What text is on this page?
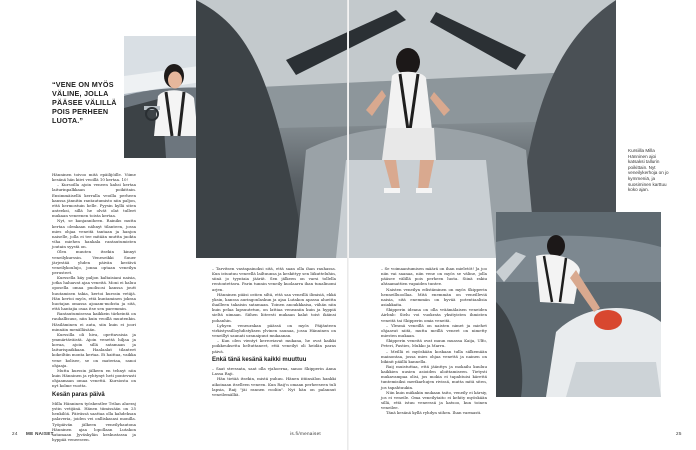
“VENE ON MYÖS VÄLINE, JOLLA PÄÄSEE VÄLILLÄ POIS PERHEEN LUOTA.”
Kursiilla Milla Hänninen ajoi katsaksi tallurin poikittain. Nyt veneilykerhoja on jo kymmeniä, ja suosiminen karttuu koko ajan.

Hänninen toivoo mitä epäilijöille. Viime kesänä hän kiivi veoillä 10 kertaa. 10!

– Kursoilla ajoin veneen kahsi kertaa laiturinpalkkaan poikittain. Ensimmäisellä kerralla veoilla perheen kanssa jännitin rantautumisto niin paljon, että hermostuin helle. Pyysin kyllä siten anteeksi, sillä he olvät olat tulleet mukaan veneenen toista kertaa.

Nyt, se kanjanniheen. Rainiks mutta kertaa olenkaan nähnyt tilanteen, jossa mies ohjaa veneitä tantaan ja hanjon naiselle, jolla ei tee mitään muttta juokta viha miehen hankala rantautumisten joutain syystä on.

Oleu muuten itsekin kinnyt veneilykurssin. Veneseikki Suuer järjestää yhden päivän kestävä veneilykoulujo, jonna optaan veneilyn perusteet.

Kurssella käy paljon kaltaisiani naisia, jotka haluavat ajaa veneitä. Moni ei haluu oposella omaa puolisosi kanssa joutt huutamisen takia, kertoi kurssin vetäjä. Hän kertoi myös, että kuntaminen jokraa huotajan omassa ajoaam-mohsta ja sitä, että hantajia osaa itse sen paremmin.

Rantautumisessa kaikkein tärkeintä on rauhallisuus, niin kuin veoillä muutenkin. Häsiläminen ei auta, siin kuin ei joori minnäin menälläsään.

Kurssilla oli hiva, opettavaisia ja ymmärtäväistä. Ajoin venettä hiljaa ja kovaa, ajoin sillä satamaan ja laiturispaikkaan. Haalaalat tilanteet kokeiltiin monta kertaa. Ei haittaa, vaikka vene kolisee, se on materiaa, sanoi ohjaaja.

Mutta kurssin jälkeen en tehnyt niin kuin Hänninen ja ryhtynyt heti pontevasti ohjaamaan omaa venettä. Kursiosta on nyt kolme vuotta.

Kesän paras päivä

Milla Hänninen työskentlee Trilan alueraj ystin vetijänä. Hänen tiimissään on 25 henkilöä. Päivässä saattaa olla kahdeksan palaveria, joiden vei onlliskasasi monilla. Työpäivän jälkeen veneilyhautona Hänninen ajaa lopollaan Lutakon satamaan Jyväskylän keskustassa ja hyppää veneeseen.

– Tarvitsen vastapainoksi sitä, että saan olla ihan rauhassa. Kun istuutuu veneellä lailtuunsa ja keskittyy sen liikutteluhin, siinä jo tyyntaia jäärät. Sen jälkeen on varsi tollella rentoutettava. Parin tunnin veneily kuolaarra ihan tunalinomi arjen.

Hänninen piiäsi ostien siltä, että saa veneillä ilimisiä, ekkä yksin, kanssa auringonlaskun ja ajaa Lutakon apassa alueitta ihailleen takaisin satamaan. Toinen anoukkkaisa, vähän niin kuin pelaa lapsuutetun, on lattiaa veneaniin kuin ja hyppiä sieltä uimaan. Siihen liiteesti mukaan kalat toist ikäinsi pohanhin.

Lyhyen veneurakan päässä on myös Päijänteen virkistyssilloyhdistyksen ylvinen saunaa, jossa Hänninen on veneillyt saunati uranaipuut mukaanan.

– Kun olen vientyt kerroviavat mukana, he ovat kaikki poikkeuksetta heltuttaneet, että veneilyt oli heidän paras päivä.

Enkä tänä kesänä kaikki muuttuu

– Saat stressata, saat olla vjahoerna, sanoo Skipperin Anna Lassa Raji.

Hän tietää itsekin, mistä puhuu. Hänen iitiinsälon hankki aikoinaan itselleen veneen. Kun Raij'n omaan perheeseen tuli lapsia, Raij "jäi rannen rooliin". Nyt hän on palannut veneilemälliä.

– Se voimaantumisen määrä on ihan mieletöt! Ja joo niin vai saanaa, niin vene on myös se väline, jolla pääsee välillä pois perheen luota. Siinä rakiu ahtaamattien vapaiden tuntee.

Naisten veneilyn edistäminen on myös Skipperin henneilluoollaa. Mitä enemmän on veneilleviä naisia, sitä enemmän on hyvää potentiaalisia asiakkaita.

Skipperin ideana on olla vräämälaisen veneiden Airbnb: Sielu voi vuokrata yksityisten ihmisten veneitä tai Skipperin omia veneitä.

– Ylesmä veneillä on naisten nimet ja miehet ohjaavat niitä, mutta meillä veneet on nimetty miesten mukaan.

Skipperin veneitä ovat muun muassa Kaija, Ulfo, Peteri, Pasties, Mukko ja Marru.

– Meillä ei myöskään koskaan tulla sälkemään mainontaa, jossa mies ohjaa venettä ja nainen on bikinit päällä kannella.

Raij muistuttaa, että jäänttys ja mokailu kuuluu kaikkien uusien asioiden aloittamiseen. Tietysti mukavampaa olisi, jos mokia ei tapahtuisi kärettä tuntemisiksi merikarhujen rivissä, mutta mitä siten, jos tapahtuukin.

Niin kuin miikakin mukaan taito, veneily ei kärsiy, jos ei veneile. Oma veneilytaito ei kehity myöskään sillä, että istuu veneessä ja katsoo, kun toinen veneilee.

Tänä kesänä kyllä ryhdyn siihen. Ihan varmasti.

24 ME NAISET	is.fi/menaiset	25
